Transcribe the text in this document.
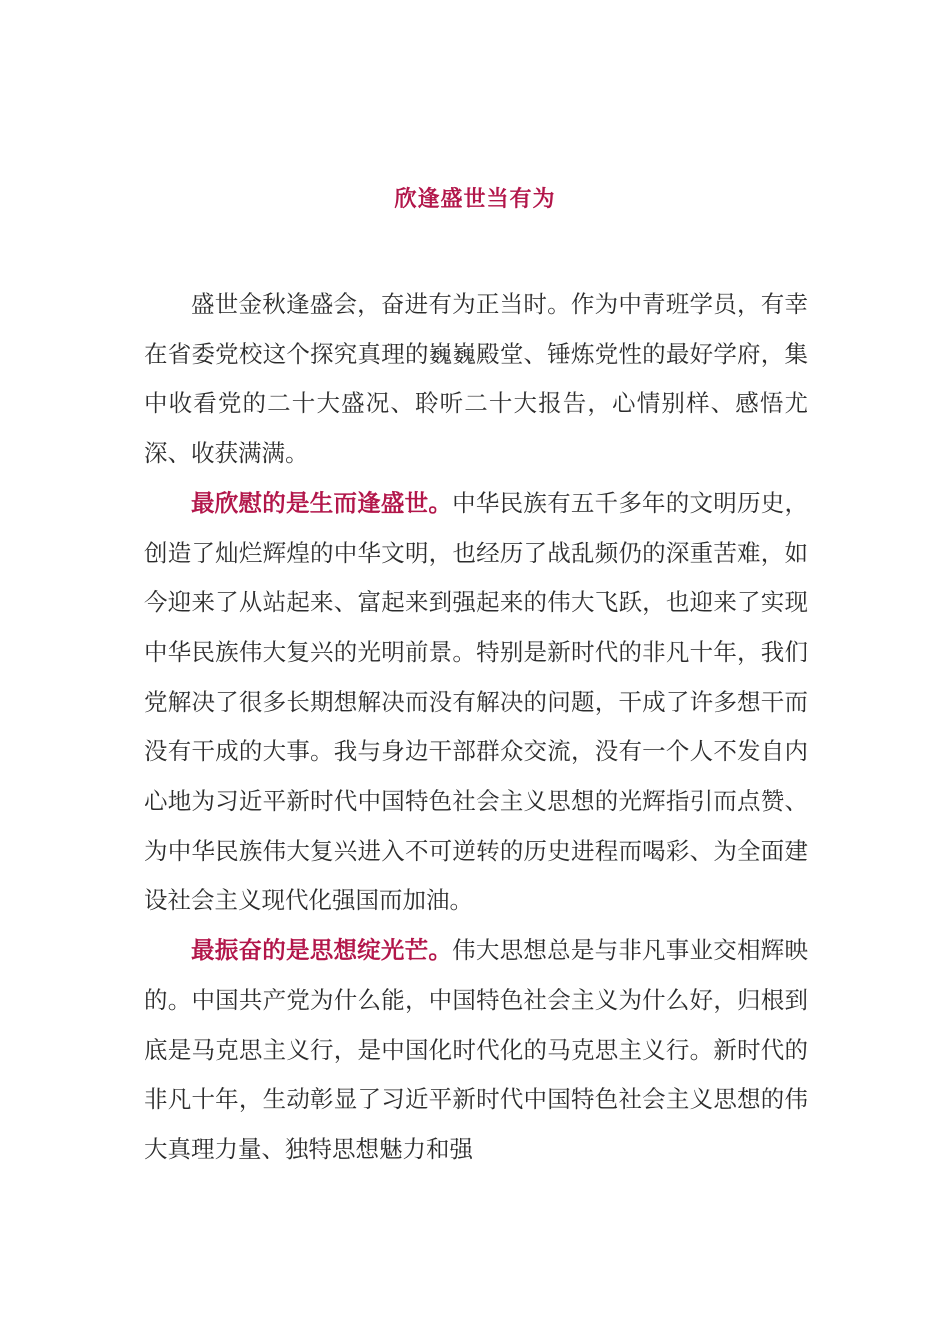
欣逢盛世当有为

盛世金秋逢盛会，奋进有为正当时。作为中青班学员，有幸在省委党校这个探究真理的巍巍殿堂、锤炼党性的最好学府，集中收看党的二十大盛况、聆听二十大报告，心情别样、感悟尤深、收获满满。

最欣慰的是生而逢盛世。中华民族有五千多年的文明历史，创造了灿烂辉煌的中华文明，也经历了战乱频仍的深重苦难，如今迎来了从站起来、富起来到强起来的伟大飞跃，也迎来了实现中华民族伟大复兴的光明前景。特别是新时代的非凡十年，我们党解决了很多长期想解决而没有解决的问题，干成了许多想干而没有干成的大事。我与身边干部群众交流，没有一个人不发自内心地为习近平新时代中国特色社会主义思想的光辉指引而点赞、为中华民族伟大复兴进入不可逆转的历史进程而喝彩、为全面建设社会主义现代化强国而加油。

最振奋的是思想绽光芒。伟大思想总是与非凡事业交相辉映的。中国共产党为什么能，中国特色社会主义为什么好，归根到底是马克思主义行，是中国化时代化的马克思主义行。新时代的非凡十年，生动彰显了习近平新时代中国特色社会主义思想的伟大真理力量、独特思想魅力和强
